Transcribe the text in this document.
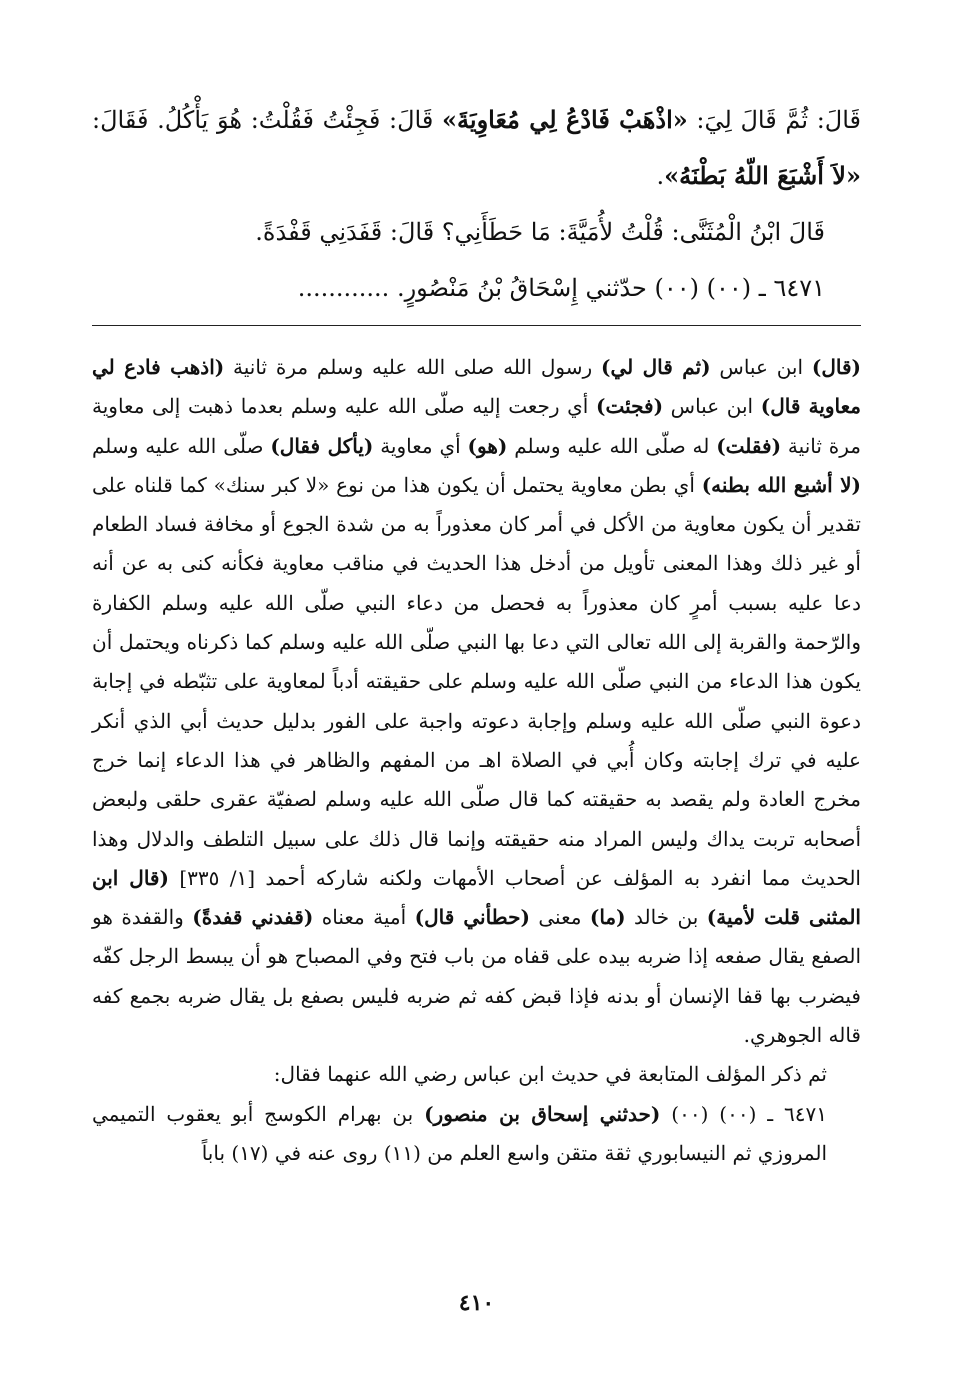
قَالَ: ثُمَّ قَالَ لِيَ: «اذْهَبْ فَادْعُ لِي مُعَاوِيَةَ» قَالَ: فَجِئْتُ فَقُلْتُ: هُوَ يَأْكُلُ. فَقَالَ: «لاَ أَشْبَعَ اللّهُ بَطْنَهُ».

قَالَ ابْنُ الْمُثَنَّى: قُلْتُ لأُمَيَّةَ: مَا حَطَأَنِي؟ قَالَ: قَفَدَنِي قَفْدَةً.

٦٤٧١ ـ (٠٠) (٠٠) حدّثني إِسْحَاقُ بْنُ مَنْصُورٍ. ............

(قال) ابن عباس (ثم قال لي) رسول الله صلى الله عليه وسلم مرة ثانية (اذهب فادع لي معاوية قال) ابن عباس (فجئت) أي رجعت إليه صلّى الله عليه وسلم بعدما ذهبت إلى معاوية مرة ثانية (فقلت) له صلّى الله عليه وسلم (هو) أي معاوية (يأكل فقال) صلّى الله عليه وسلم (لا أشبع الله بطنه) أي بطن معاوية يحتمل أن يكون هذا من نوع «لا كبر سنك» كما قلناه على تقدير أن يكون معاوية من الأكل في أمر كان معذوراً به من شدة الجوع أو مخافة فساد الطعام أو غير ذلك وهذا المعنى تأويل من أدخل هذا الحديث في مناقب معاوية فكأنه كنى به عن أنه دعا عليه بسبب أمرٍ كان معذوراً به فحصل من دعاء النبي صلّى الله عليه وسلم الكفارة والرّحمة والقربة إلى الله تعالى التي دعا بها النبي صلّى الله عليه وسلم كما ذكرناه ويحتمل أن يكون هذا الدعاء من النبي صلّى الله عليه وسلم على حقيقته أدباً لمعاوية على تثبّطه في إجابة دعوة النبي صلّى الله عليه وسلم وإجابة دعوته واجبة على الفور بدليل حديث أبي الذي أنكر عليه في ترك إجابته وكان أُبي في الصلاة اهـ من المفهم والظاهر في هذا الدعاء إنما خرج مخرج العادة ولم يقصد به حقيقته كما قال صلّى الله عليه وسلم لصفيّة عقرى حلقى ولبعض أصحابه تربت يداك وليس المراد منه حقيقته وإنما قال ذلك على سبيل التلطف والدلال وهذا الحديث مما انفرد به المؤلف عن أصحاب الأمهات ولكنه شاركه أحمد [١/ ٣٣٥] (قال ابن المثنى قلت لأمية) بن خالد (ما) معنى (حطأني قال) أمية معناه (قفدني قفدةً) والقفدة هو الصفع يقال صفعه إذا ضربه بيده على قفاه من باب فتح وفي المصباح هو أن يبسط الرجل كفّه فيضرب بها قفا الإنسان أو بدنه فإذا قبض كفه ثم ضربه فليس بصفع بل يقال ضربه بجمع كفه قاله الجوهري.

ثم ذكر المؤلف المتابعة في حديث ابن عباس رضي الله عنهما فقال:

٦٤٧١ ـ (٠٠) (٠٠) (حدثني إسحاق بن منصور) بن بهرام الكوسج أبو يعقوب التميمي المروزي ثم النيسابوري ثقة متقن واسع العلم من (١١) روى عنه في (١٧) باباً

٤١٠
